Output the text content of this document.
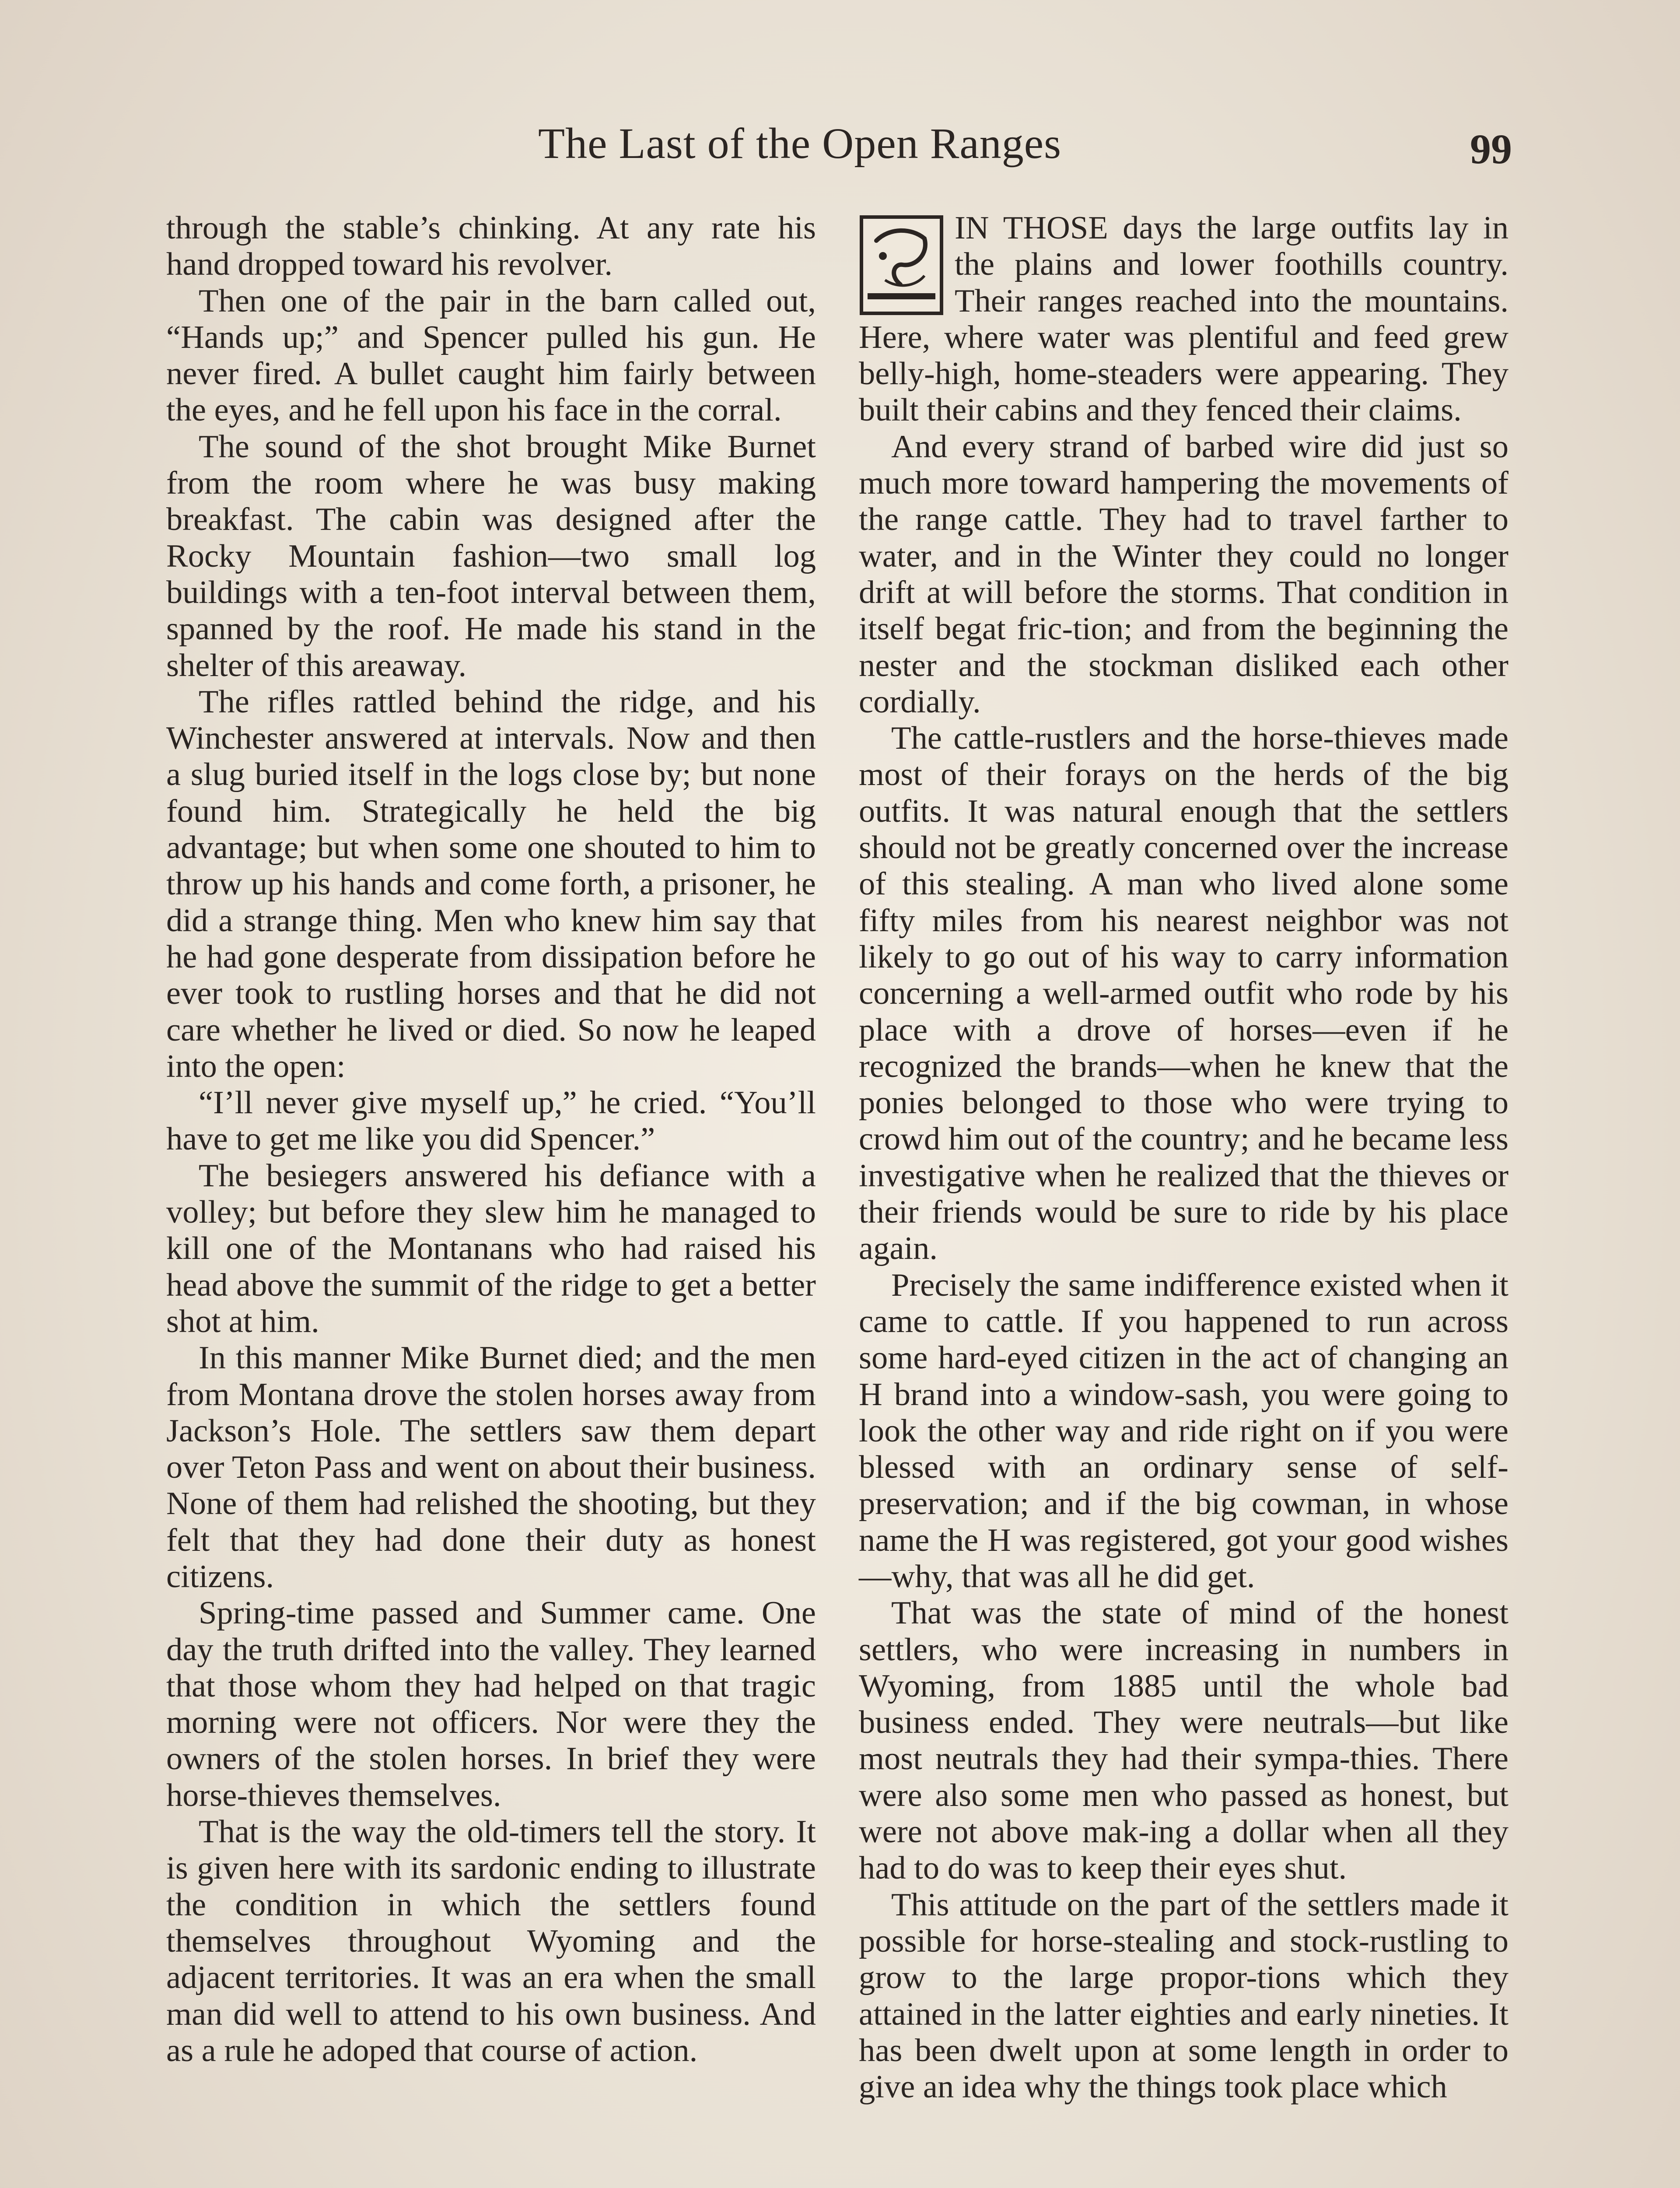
The Last of the Open Ranges	99

through the stable’s chinking. At any rate his hand dropped toward his revolver.

Then one of the pair in the barn called out, “Hands up;” and Spencer pulled his gun. He never fired. A bullet caught him fairly between the eyes, and he fell upon his face in the corral.

The sound of the shot brought Mike Burnet from the room where he was busy making breakfast. The cabin was designed after the Rocky Mountain fashion—two small log buildings with a ten-foot interval between them, spanned by the roof. He made his stand in the shelter of this areaway.

The rifles rattled behind the ridge, and his Winchester answered at intervals. Now and then a slug buried itself in the logs close by; but none found him. Strategically he held the big advantage; but when some one shouted to him to throw up his hands and come forth, a prisoner, he did a strange thing. Men who knew him say that he had gone desperate from dissipation before he ever took to rustling horses and that he did not care whether he lived or died. So now he leaped into the open:

“I’ll never give myself up,” he cried. “You’ll have to get me like you did Spencer.”

The besiegers answered his defiance with a volley; but before they slew him he managed to kill one of the Montanans who had raised his head above the summit of the ridge to get a better shot at him.

In this manner Mike Burnet died; and the men from Montana drove the stolen horses away from Jackson’s Hole. The settlers saw them depart over Teton Pass and went on about their business. None of them had relished the shooting, but they felt that they had done their duty as honest citizens.

Spring-time passed and Summer came. One day the truth drifted into the valley. They learned that those whom they had helped on that tragic morning were not officers. Nor were they the owners of the stolen horses. In brief they were horse-thieves themselves.

That is the way the old-timers tell the story. It is given here with its sardonic ending to illustrate the condition in which the settlers found themselves throughout Wyoming and the adjacent territories. It was an era when the small man did well to attend to his own business. And as a rule he adoped that course of action.

IN THOSE days the large outfits lay in the plains and lower foothills country. Their ranges reached into the mountains. Here, where water was plentiful and feed grew belly-high, home-steaders were appearing. They built their cabins and they fenced their claims.

And every strand of barbed wire did just so much more toward hampering the movements of the range cattle. They had to travel farther to water, and in the Winter they could no longer drift at will before the storms. That condition in itself begat fric-tion; and from the beginning the nester and the stockman disliked each other cordially.

The cattle-rustlers and the horse-thieves made most of their forays on the herds of the big outfits. It was natural enough that the settlers should not be greatly concerned over the increase of this stealing. A man who lived alone some fifty miles from his nearest neighbor was not likely to go out of his way to carry information concerning a well-armed outfit who rode by his place with a drove of horses—even if he recognized the brands—when he knew that the ponies belonged to those who were trying to crowd him out of the country; and he became less investigative when he realized that the thieves or their friends would be sure to ride by his place again.

Precisely the same indifference existed when it came to cattle. If you happened to run across some hard-eyed citizen in the act of changing an H brand into a window-sash, you were going to look the other way and ride right on if you were blessed with an ordinary sense of self-preservation; and if the big cowman, in whose name the H was registered, got your good wishes—why, that was all he did get.

That was the state of mind of the honest settlers, who were increasing in numbers in Wyoming, from 1885 until the whole bad business ended. They were neutrals—but like most neutrals they had their sympa-thies. There were also some men who passed as honest, but were not above mak-ing a dollar when all they had to do was to keep their eyes shut.

This attitude on the part of the settlers made it possible for horse-stealing and stock-rustling to grow to the large propor-tions which they attained in the latter eighties and early nineties. It has been dwelt upon at some length in order to give an idea why the things took place which
